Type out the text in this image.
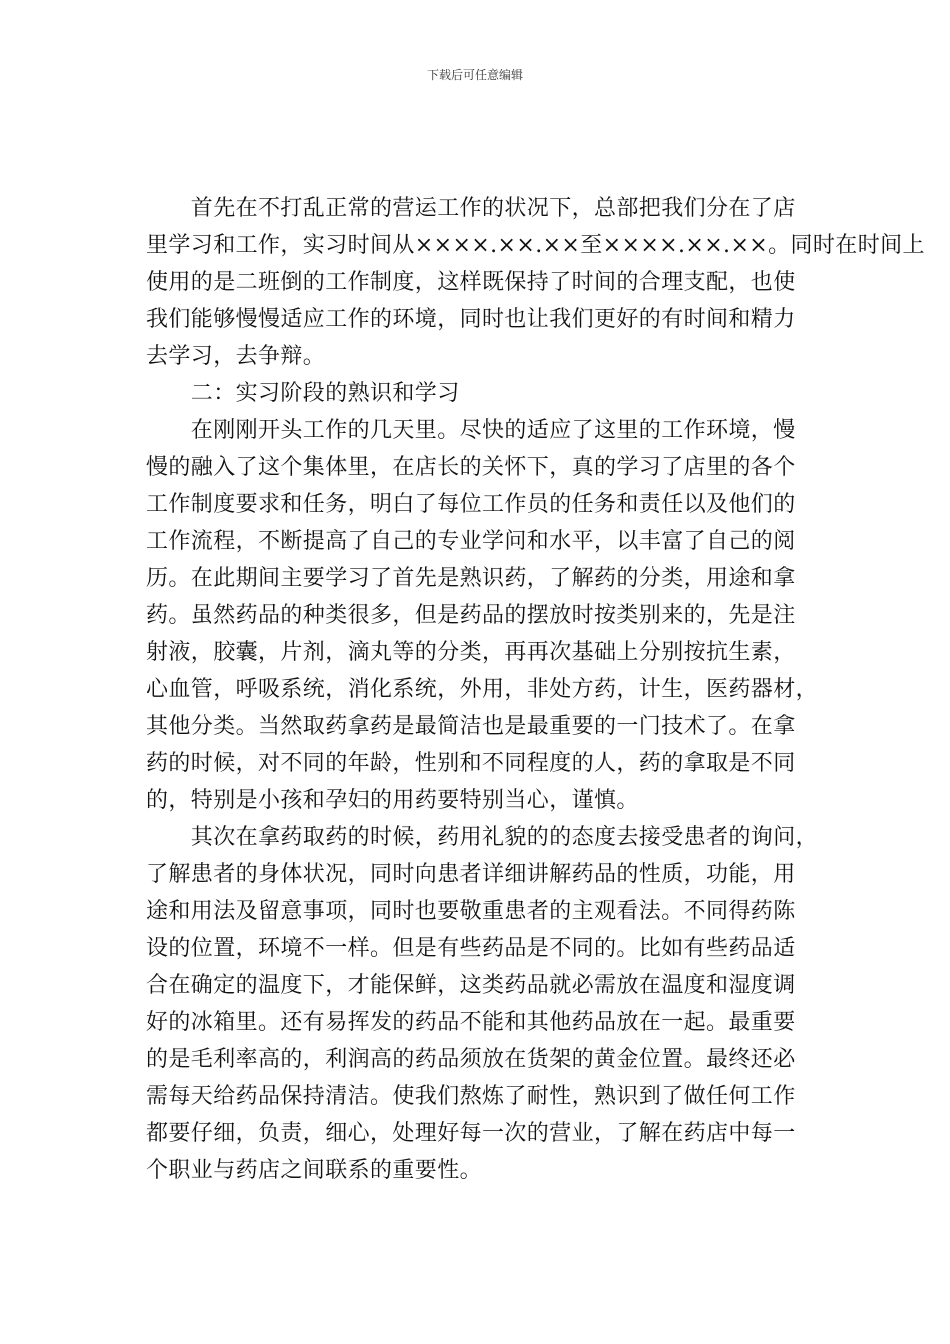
下载后可任意编辑
　　首先在不打乱正常的营运工作的状况下，总部把我们分在了店
里学习和工作，实习时间从××××.××.××至××××.××.××。同时在时间上
使用的是二班倒的工作制度，这样既保持了时间的合理支配，也使
我们能够慢慢适应工作的环境，同时也让我们更好的有时间和精力
去学习，去争辩。
　　二：实习阶段的熟识和学习
　　在刚刚开头工作的几天里。尽快的适应了这里的工作环境，慢
慢的融入了这个集体里，在店长的关怀下，真的学习了店里的各个
工作制度要求和任务，明白了每位工作员的任务和责任以及他们的
工作流程，不断提高了自己的专业学问和水平，以丰富了自己的阅
历。在此期间主要学习了首先是熟识药，了解药的分类，用途和拿
药。虽然药品的种类很多，但是药品的摆放时按类别来的，先是注
射液，胶囊，片剂，滴丸等的分类，再再次基础上分别按抗生素，
心血管，呼吸系统，消化系统，外用，非处方药，计生，医药器材，
其他分类。当然取药拿药是最简洁也是最重要的一门技术了。在拿
药的时候，对不同的年龄，性别和不同程度的人，药的拿取是不同
的，特别是小孩和孕妇的用药要特别当心，谨慎。
　　其次在拿药取药的时候，药用礼貌的的态度去接受患者的询问，
了解患者的身体状况，同时向患者详细讲解药品的性质，功能，用
途和用法及留意事项，同时也要敬重患者的主观看法。不同得药陈
设的位置，环境不一样。但是有些药品是不同的。比如有些药品适
合在确定的温度下，才能保鲜，这类药品就必需放在温度和湿度调
好的冰箱里。还有易挥发的药品不能和其他药品放在一起。最重要
的是毛利率高的，利润高的药品须放在货架的黄金位置。最终还必
需每天给药品保持清洁。使我们熬炼了耐性，熟识到了做任何工作
都要仔细，负责，细心，处理好每一次的营业，了解在药店中每一
个职业与药店之间联系的重要性。
